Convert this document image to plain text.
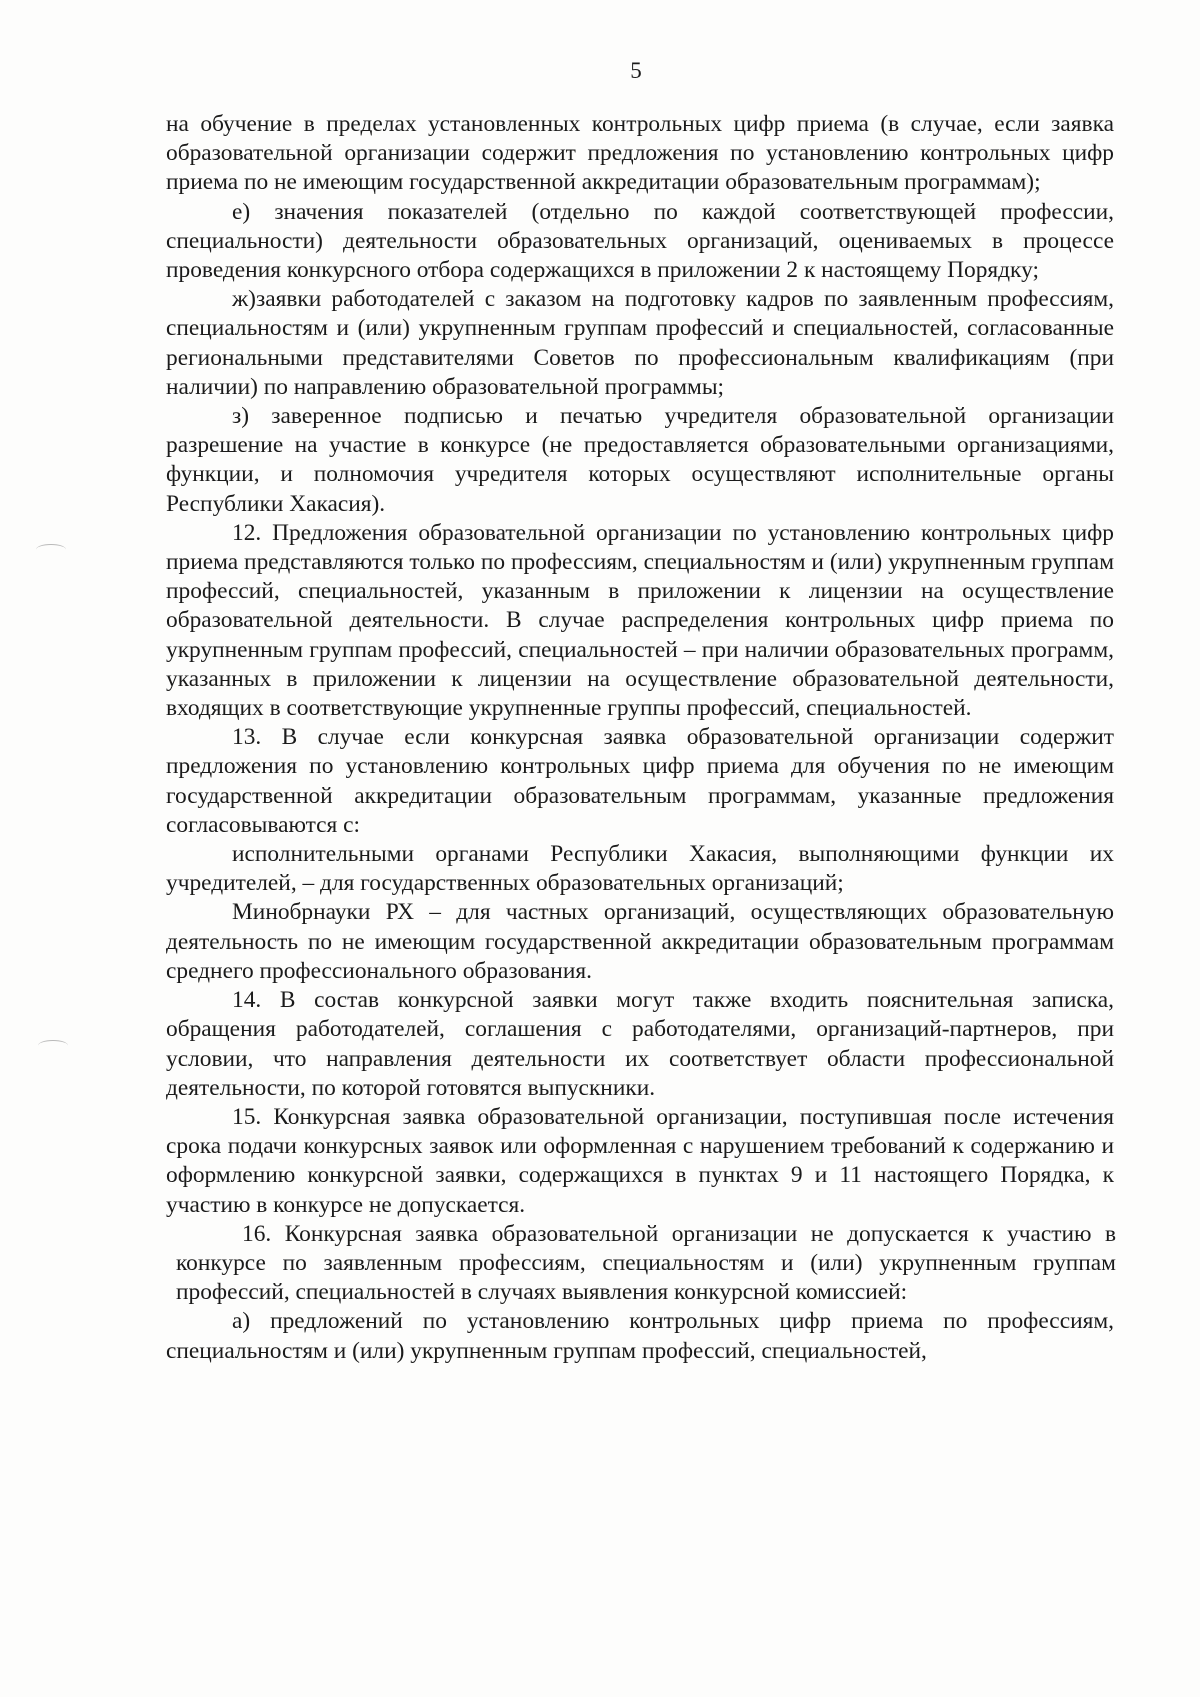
5

на обучение в пределах установленных контрольных цифр приема (в случае, если заявка образовательной организации содержит предложения по установлению контрольных цифр приема по не имеющим государственной аккредитации образовательным программам);

е) значения показателей (отдельно по каждой соответствующей профессии, специальности) деятельности образовательных организаций, оцениваемых в процессе проведения конкурсного отбора содержащихся в приложении 2 к настоящему Порядку;

ж)заявки работодателей с заказом на подготовку кадров по заявленным профессиям, специальностям и (или) укрупненным группам профессий и специальностей, согласованные региональными представителями Советов по профессиональным квалификациям (при наличии) по направлению образовательной программы;

з) заверенное подписью и печатью учредителя образовательной организации разрешение на участие в конкурсе (не предоставляется образовательными организациями, функции, и полномочия учредителя которых осуществляют исполнительные органы Республики Хакасия).

12. Предложения образовательной организации по установлению контрольных цифр приема представляются только по профессиям, специальностям и (или) укрупненным группам профессий, специальностей, указанным в приложении к лицензии на осуществление образовательной деятельности. В случае распределения контрольных цифр приема по укрупненным группам профессий, специальностей – при наличии образовательных программ, указанных в приложении к лицензии на осуществление образовательной деятельности, входящих в соответствующие укрупненные группы профессий, специальностей.

13. В случае если конкурсная заявка образовательной организации содержит предложения по установлению контрольных цифр приема для обучения по не имеющим государственной аккредитации образовательным программам, указанные предложения согласовываются с:

исполнительными органами Республики Хакасия, выполняющими функции их учредителей, – для государственных образовательных организаций;

Минобрнауки РХ – для частных организаций, осуществляющих образовательную деятельность по не имеющим государственной аккредитации образовательным программам среднего профессионального образования.

14. В состав конкурсной заявки могут также входить пояснительная записка, обращения работодателей, соглашения с работодателями, организаций-партнеров, при условии, что направления деятельности их соответствует области профессиональной деятельности, по которой готовятся выпускники.

15. Конкурсная заявка образовательной организации, поступившая после истечения срока подачи конкурсных заявок или оформленная с нарушением требований к содержанию и оформлению конкурсной заявки, содержащихся в пунктах 9 и 11 настоящего Порядка, к участию в конкурсе не допускается.

16. Конкурсная заявка образовательной организации не допускается к участию в конкурсе по заявленным профессиям, специальностям и (или) укрупненным группам профессий, специальностей в случаях выявления конкурсной комиссией:

а) предложений по установлению контрольных цифр приема по профессиям, специальностям и (или) укрупненным группам профессий, специальностей,
